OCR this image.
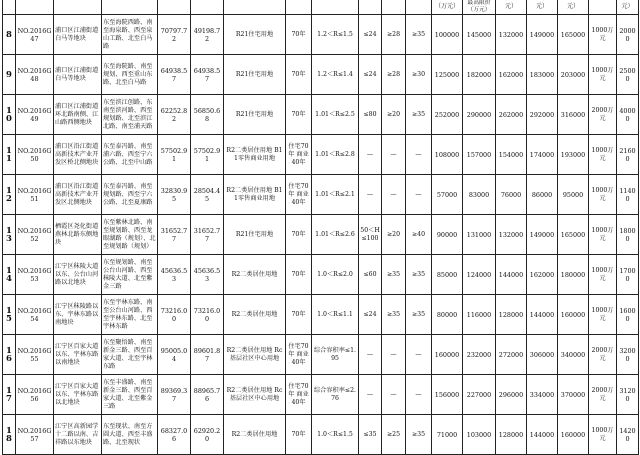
												（万元）	最高限价
（万元）	元）	元）	元）		元）
8	NO.2016G47	浦口区江浦街道白马等地块	东至海院西路、南至海泉路、西至泉山工路、北至白马路	70797.72	49198.72	R21住宅用地	70年	1.2＜R≤1.5	≤24	≥28	≥35	100000	145000	132000	149000	165000	1000万元	20000
9	NO.2016G48	浦口区江浦街道白马等地块	东至海院路、南至规划、西至重山东路、北至白马路	64938.57	64938.57	R21住宅用地	70年	1.2＜R≤1.4	≤24	≥28	≥30	125000	182000	162000	183000	203000	1000万元	25000
10	NO.2016G49	浦口区江浦街道环北路南侧、江山路西侧地块	东至滨江创路、东南至滨河路、西至规划路、北至滨江北路、南至浦天路	62252.82	56850.68	R21住宅用地	70年	1.01＜R≤2.5	≤80	≥20	≥35	252000	290000	262000	292000	316000	2000万元	40000
11	NO.2016G50	浦口区沿江街道高新技术产业开发区桥北侧地块	东至泰冯路、南至浦六路、西至宁六公路、北至中山路	57502.91	57502.91	R2二类居住用地 B11零售商业用地	住宅70年 商业40年	1.01＜R≤2.8	—	—	—	108000	157000	154000	174000	193000	1000万元	21600
12	NO.2016G51	浦口区沿江街道高新技术产业开发区北侧地块	东至泰冯路、南至规划路、西至宁六公路、北至夏康路	32830.95	28504.45	R2二类居住用地 B11零售商业用地	住宅70年 商业40年	1.01＜R≤2.1	—	—	—	57000	83000	76000	86000	95000	1000万元	11400
13	NO.2016G52	栖霞区尧化街道燕林北路东侧地块	东至紫林北路、南至规划路、西至龙眼湖路（规划）、北至规划路（规划）	31652.77	31652.77	R21住宅用地	70年	1.01＜R≤2.6	50＜H≤100	≥20	≥40	90000	131000	132000	149000	165000	1000万元	18000
14	NO.2016G53	江宁区秣陵大道以东、公台山河路以北地块	东至规划路、南至公台山河路、西至秣陵大道、北至紫金三路	45636.53	45636.53	R2二类居住用地	70年	1.0＜R≤2.0	≤60	≥35	≥35	85000	124000	144000	162000	180000	1000万元	17000
15	NO.2016G54	江宁区秣陵路以东、宇林东路以南地块	东至宇林东路、南至公台山河路、西至宇林东路、北至宇林东路	73216.00	73216.00	R2二类居住用地	70年	1.0＜R≤1.1	≤24	≥35	≥35	80000	116000	128000	144000	160000	1000万元	16000
16	NO.2016G55	江宁区百家大道以东、宇林东路以南地块	东至聚悟路、南至新金三路、西至百家大道、北至宇林东路	95005.04	89601.87	R2二类居住用地 Rc基层社区中心用地	住宅70年 商业40年	综合容积率≤1.95	—	—	—	160000	232000	272000	306000	340000	2000万元	32000
17	NO.2016G56	江宁区百家大道以东、宇林东路以北地块	东至丰盛路、南至新金三路、西至百家大道、北至紫金三路	89369.37	88965.76	R2二类居住用地 Rc基层社区中心用地	住宅70年 商业40年	综合容积率≤2.76	—	—	—	156000	227000	296000	334000	370000	2000万元	31200
18	NO.2016G57	江宁区高新园学十二路以南、吉祥路以东地块	东至现状、南至方圆大道、西至丰盛路、北至现状	68327.06	62920.20	R2二类居住用地	70年	1.0＜R≤1.5	≤35	≥25	≥35	71000	103000	128000	144000	160000	1000万元	14200
